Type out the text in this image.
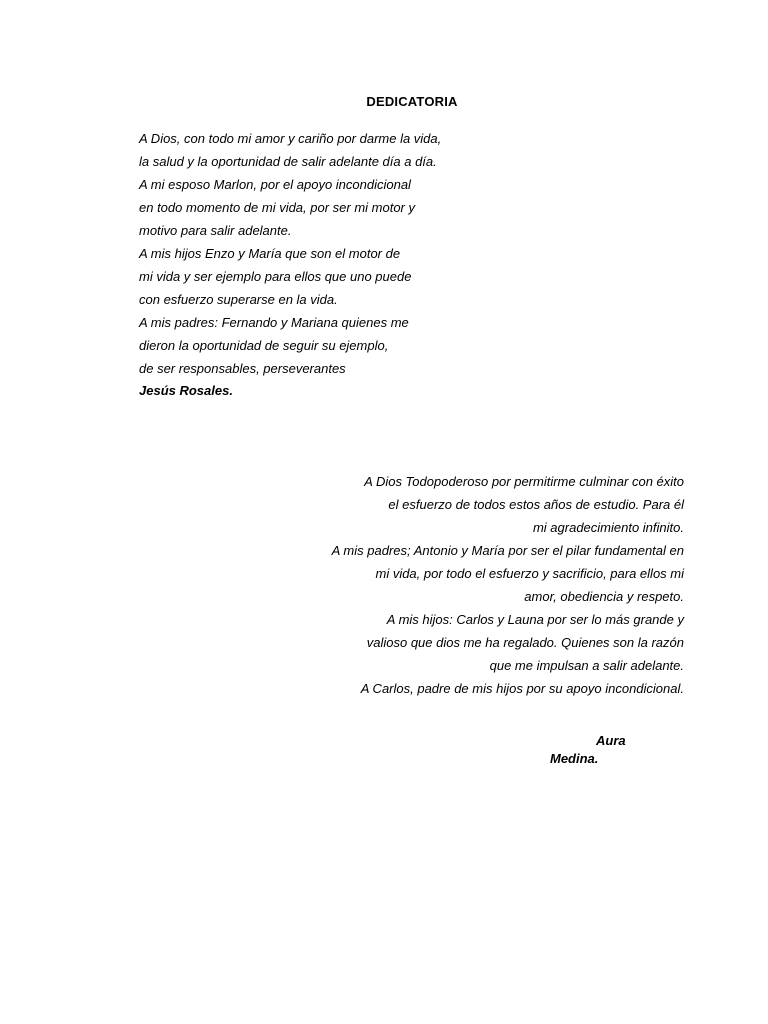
DEDICATORIA
A Dios, con todo mi amor y cariño por darme la vida,
la salud y la oportunidad de salir adelante día a día.
A mi esposo Marlon, por el apoyo incondicional
en todo momento de mi vida, por ser mi motor y
motivo para salir adelante.
A mis hijos Enzo y María que son el motor de
mi vida y ser ejemplo para ellos que uno puede
con esfuerzo superarse en la vida.
A mis padres: Fernando y Mariana quienes me
dieron la oportunidad de seguir su ejemplo,
de ser responsables, perseverantes
Jesús Rosales.
A Dios Todopoderoso por permitirme culminar con éxito
el esfuerzo de todos estos años de estudio. Para él
mi agradecimiento infinito.
A mis padres; Antonio y María por ser el pilar fundamental en
mi vida, por todo el esfuerzo y sacrificio, para ellos mi
amor, obediencia y respeto.
A mis hijos: Carlos y Launa por ser lo más grande y
valioso que dios me ha regalado. Quienes son la razón
que me impulsan a salir adelante.
A Carlos, padre de mis hijos por su apoyo incondicional.
Aura
Medina.
